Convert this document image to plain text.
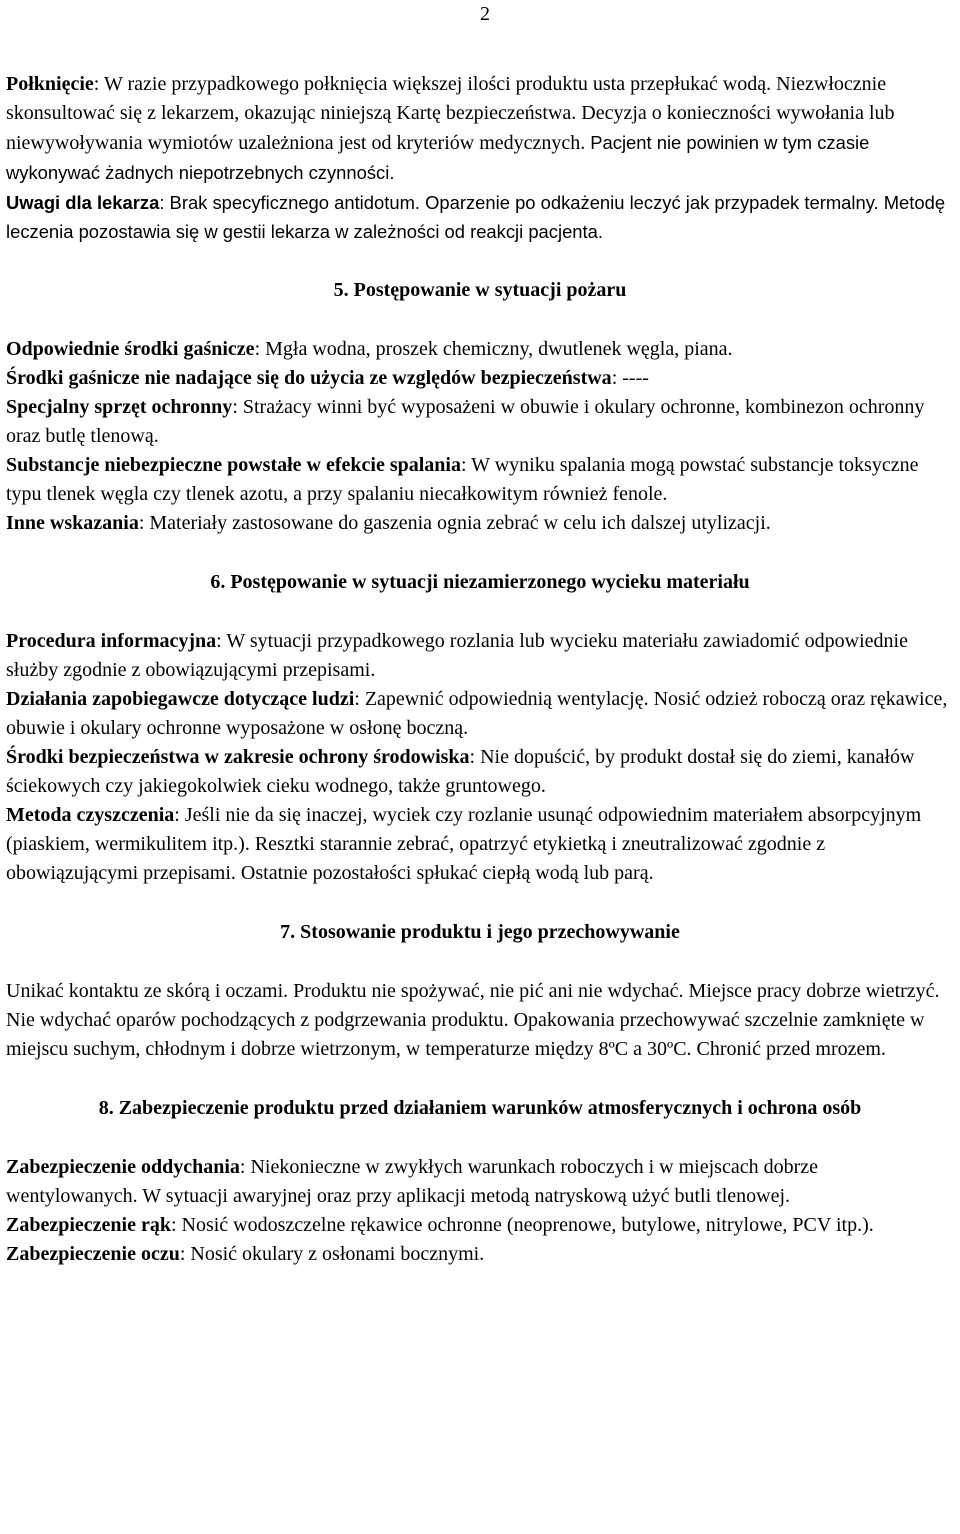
2

Połknięcie: W razie przypadkowego połknięcia większej ilości produktu usta przepłukać wodą. Niezwłocznie skonsultować się z lekarzem, okazując niniejszą Kartę bezpieczeństwa. Decyzja o konieczności wywołania lub niewywoływania wymiotów uzależniona jest od kryteriów medycznych. Pacjent nie powinien w tym czasie wykonywać żadnych niepotrzebnych czynności.

Uwagi dla lekarza: Brak specyficznego antidotum. Oparzenie po odkażeniu leczyć jak przypadek termalny. Metodę leczenia pozostawia się w gestii lekarza w zależności od reakcji pacjenta.

5. Postępowanie w sytuacji pożaru

Odpowiednie środki gaśnicze: Mgła wodna, proszek chemiczny, dwutlenek węgla, piana.

Środki gaśnicze nie nadające się do użycia ze względów bezpieczeństwa: ----

Specjalny sprzęt ochronny: Strażacy winni być wyposażeni w obuwie i okulary ochronne, kombinezon ochronny oraz butlę tlenową.

Substancje niebezpieczne powstałe w efekcie spalania: W wyniku spalania mogą powstać substancje toksyczne typu tlenek węgla czy tlenek azotu, a przy spalaniu niecałkowitym również fenole.

Inne wskazania: Materiały zastosowane do gaszenia ognia zebrać w celu ich dalszej utylizacji.

6. Postępowanie w sytuacji niezamierzonego wycieku materiału

Procedura informacyjna: W sytuacji przypadkowego rozlania lub wycieku materiału zawiadomić odpowiednie służby zgodnie z obowiązującymi przepisami.

Działania zapobiegawcze dotyczące ludzi: Zapewnić odpowiednią wentylację. Nosić odzież roboczą oraz rękawice, obuwie i okulary ochronne wyposażone w osłonę boczną.

Środki bezpieczeństwa w zakresie ochrony środowiska: Nie dopuścić, by produkt dostał się do ziemi, kanałów ściekowych czy jakiegokolwiek cieku wodnego, także gruntowego.

Metoda czyszczenia: Jeśli nie da się inaczej, wyciek czy rozlanie usunąć odpowiednim materiałem absorpcyjnym (piaskiem, wermikulitem itp.). Resztki starannie zebrać, opatrzyć etykietką i zneutralizować zgodnie z obowiązującymi przepisami. Ostatnie pozostałości spłukać ciepłą wodą lub parą.

7. Stosowanie produktu i jego przechowywanie

Unikać kontaktu ze skórą i oczami. Produktu nie spożywać, nie pić ani nie wdychać. Miejsce pracy dobrze wietrzyć. Nie wdychać oparów pochodzących z podgrzewania produktu. Opakowania przechowywać szczelnie zamknięte w miejscu suchym, chłodnym i dobrze wietrzonym, w temperaturze między 8ºC a 30ºC. Chronić przed mrozem.

8. Zabezpieczenie produktu przed działaniem warunków atmosferycznych i ochrona osób

Zabezpieczenie oddychania: Niekonieczne w zwykłych warunkach roboczych i w miejscach dobrze wentylowanych. W sytuacji awaryjnej oraz przy aplikacji metodą natryskową użyć butli tlenowej.

Zabezpieczenie rąk: Nosić wodoszczelne rękawice ochronne (neoprenowe, butylowe, nitrylowe, PCV itp.).

Zabezpieczenie oczu: Nosić okulary z osłonami bocznymi.
